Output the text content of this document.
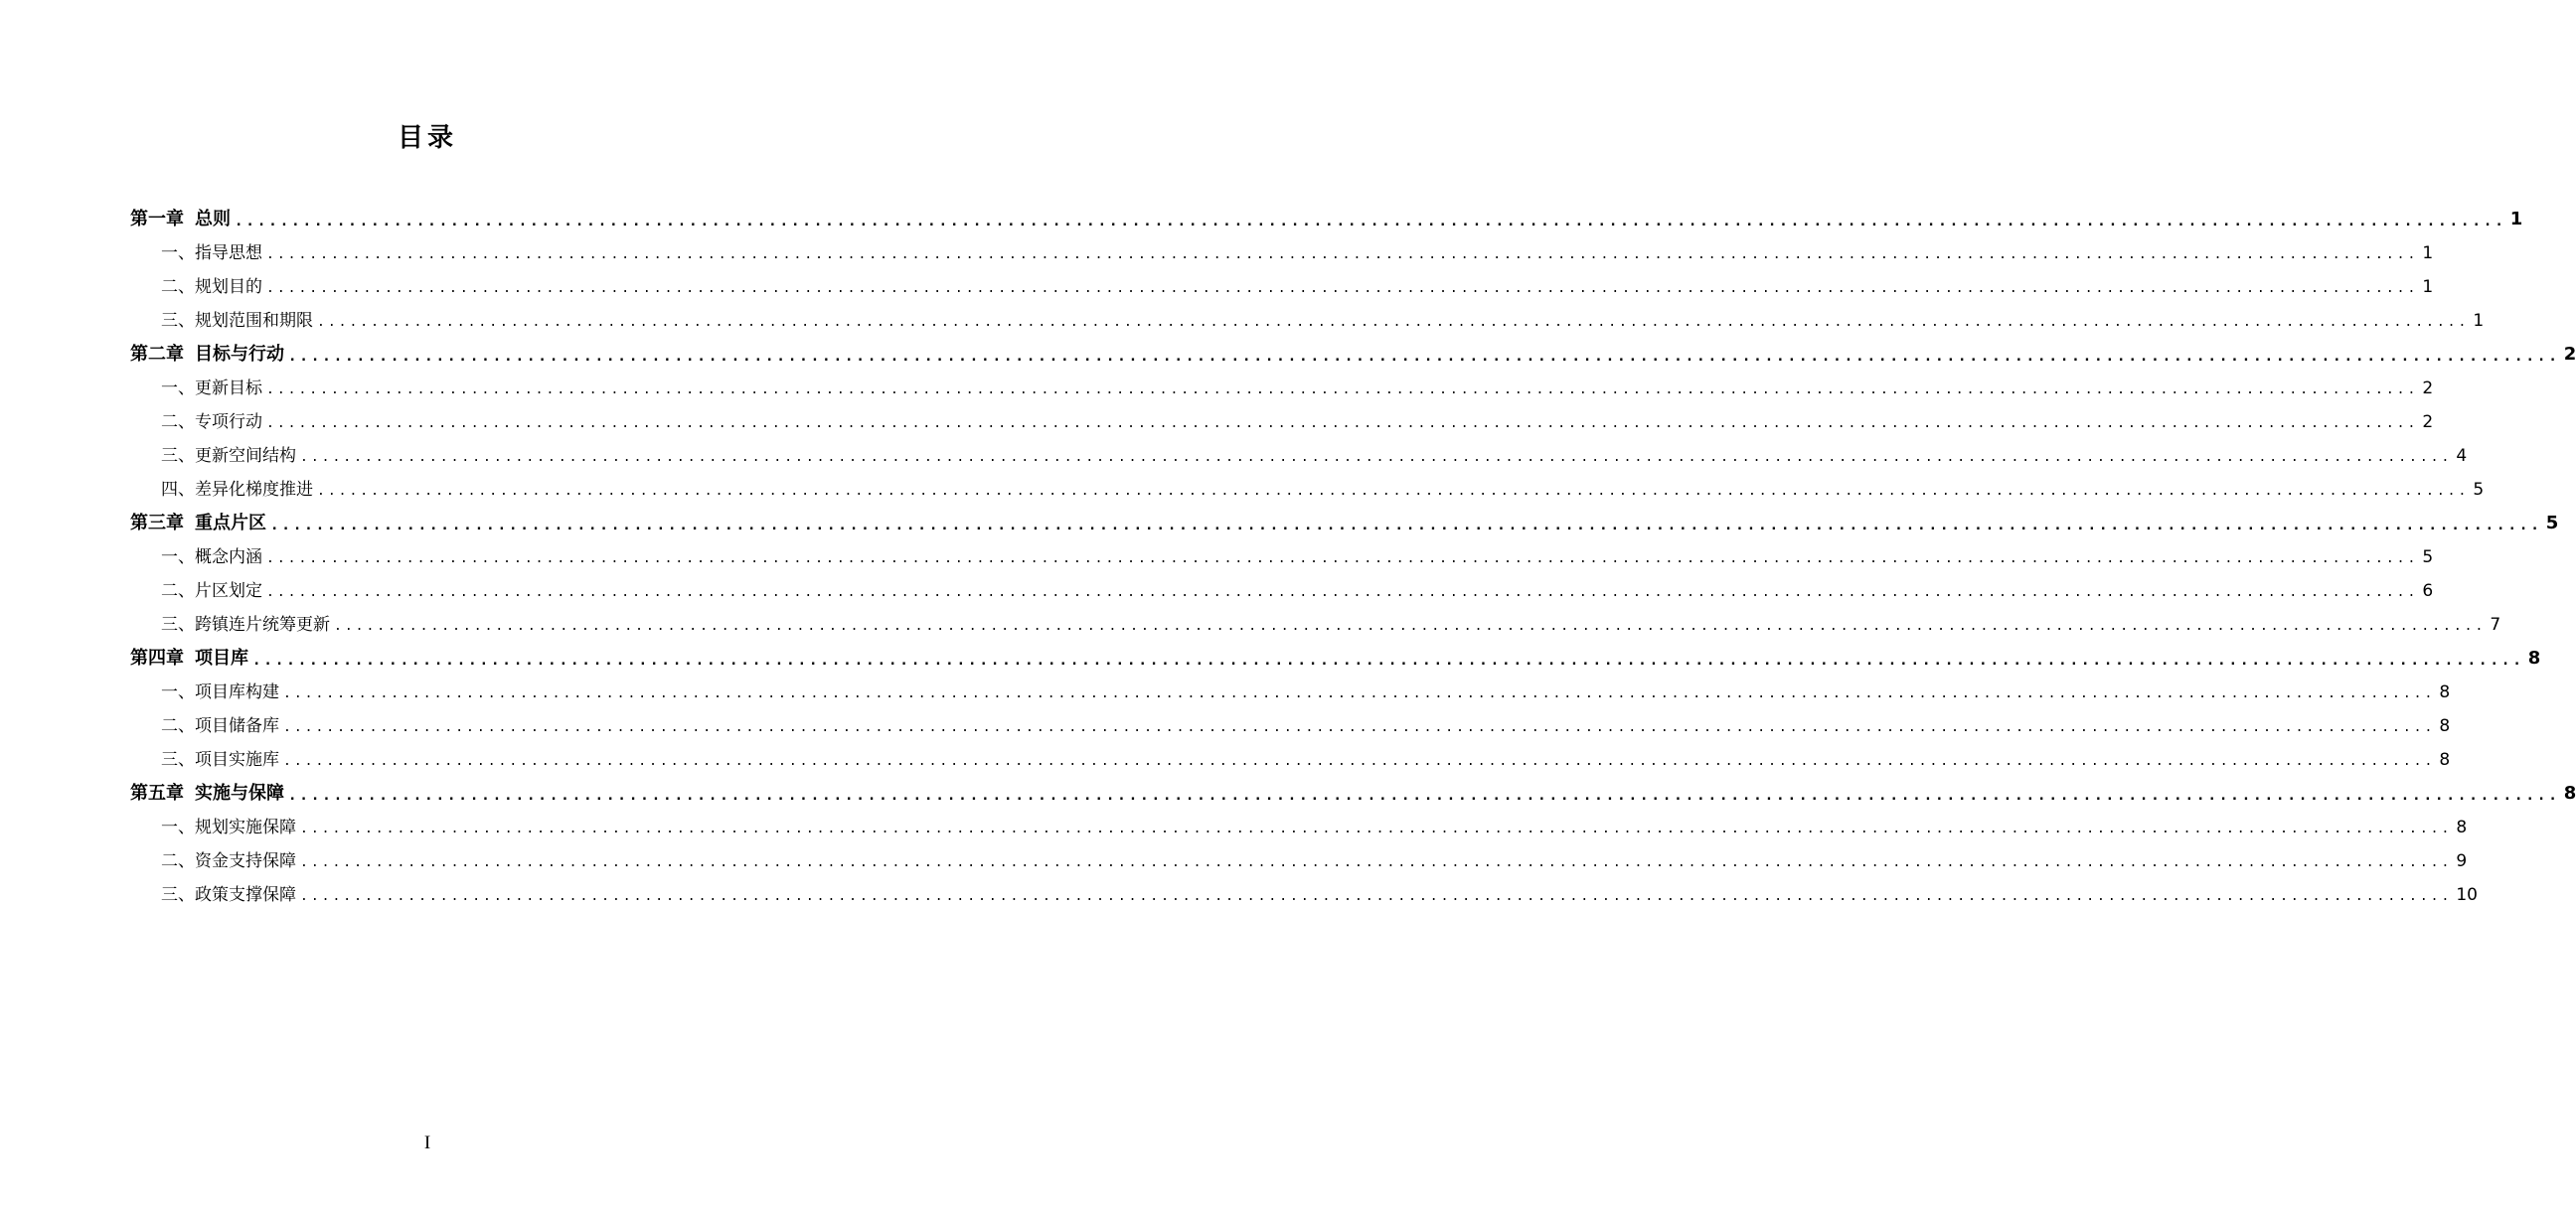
目录
第一章 总则 ........................................................................................................................................................................................................ 1
一、 指导思想 ........................................................................................................................................................................................................ 1
二、 规划目的 ........................................................................................................................................................................................................ 1
三、 规划范围和期限 ........................................................................................................................................................................................................ 1
第二章 目标与行动 ........................................................................................................................................................................................................ 2
一、 更新目标 ........................................................................................................................................................................................................ 2
二、 专项行动 ........................................................................................................................................................................................................ 2
三、 更新空间结构 ........................................................................................................................................................................................................ 4
四、 差异化梯度推进 ........................................................................................................................................................................................................ 5
第三章 重点片区 ........................................................................................................................................................................................................ 5
一、 概念内涵 ........................................................................................................................................................................................................ 5
二、 片区划定 ........................................................................................................................................................................................................ 6
三、 跨镇连片统筹更新 ........................................................................................................................................................................................................ 7
第四章 项目库 ........................................................................................................................................................................................................ 8
一、 项目库构建 ........................................................................................................................................................................................................ 8
二、 项目储备库 ........................................................................................................................................................................................................ 8
三、 项目实施库 ........................................................................................................................................................................................................ 8
第五章 实施与保障 ........................................................................................................................................................................................................ 8
一、 规划实施保障 ........................................................................................................................................................................................................ 8
二、 资金支持保障 ........................................................................................................................................................................................................ 9
三、 政策支撑保障 ........................................................................................................................................................................................................ 10
I
